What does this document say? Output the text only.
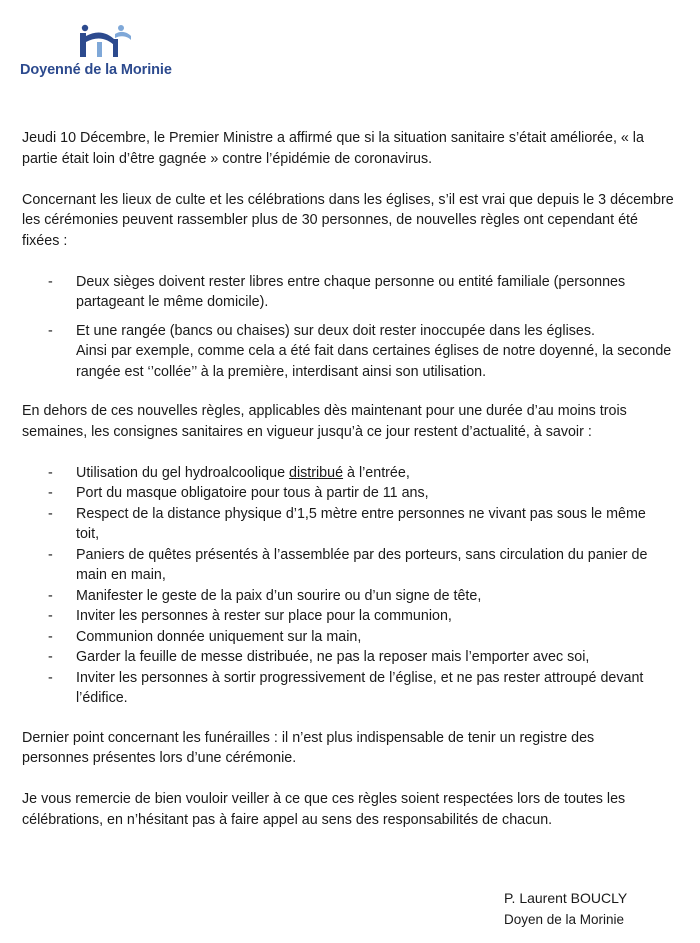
Doyenné de la Morinie

Jeudi 10 Décembre, le Premier Ministre a affirmé que si la situation sanitaire s’était améliorée, « la
partie était loin d’être gagnée » contre l’épidémie de coronavirus.

Concernant les lieux de culte et les célébrations dans les églises, s’il est vrai que depuis le 3 décembre
les cérémonies peuvent rassembler plus de 30 personnes, de nouvelles règles ont cependant été
fixées :

- Deux sièges doivent rester libres entre chaque personne ou entité familiale (personnes
partageant le même domicile).
- Et une rangée (bancs ou chaises) sur deux doit rester inoccupée dans les églises.
Ainsi par exemple, comme cela a été fait dans certaines églises de notre doyenné, la seconde
rangée est ‘’collée’’ à la première, interdisant ainsi son utilisation.

En dehors de ces nouvelles règles, applicables dès maintenant pour une durée d’au moins trois
semaines, les consignes sanitaires en vigueur jusqu’à ce jour restent d’actualité, à savoir :

- Utilisation du gel hydroalcoolique distribué à l’entrée,
- Port du masque obligatoire pour tous à partir de 11 ans,
- Respect de la distance physique d’1,5 mètre entre personnes ne vivant pas sous le même
toit,
- Paniers de quêtes présentés à l’assemblée par des porteurs, sans circulation du panier de
main en main,
- Manifester le geste de la paix d’un sourire ou d’un signe de tête,
- Inviter les personnes à rester sur place pour la communion,
- Communion donnée uniquement sur la main,
- Garder la feuille de messe distribuée, ne pas la reposer mais l’emporter avec soi,
- Inviter les personnes à sortir progressivement de l’église, et ne pas rester attroupé devant
l’édifice.

Dernier point concernant les funérailles : il n’est plus indispensable de tenir un registre des
personnes présentes lors d’une cérémonie.

Je vous remercie de bien vouloir veiller à ce que ces règles soient respectées lors de toutes les
célébrations, en n’hésitant pas à faire appel au sens des responsabilités de chacun.

P. Laurent BOUCLY
Doyen de la Morinie
